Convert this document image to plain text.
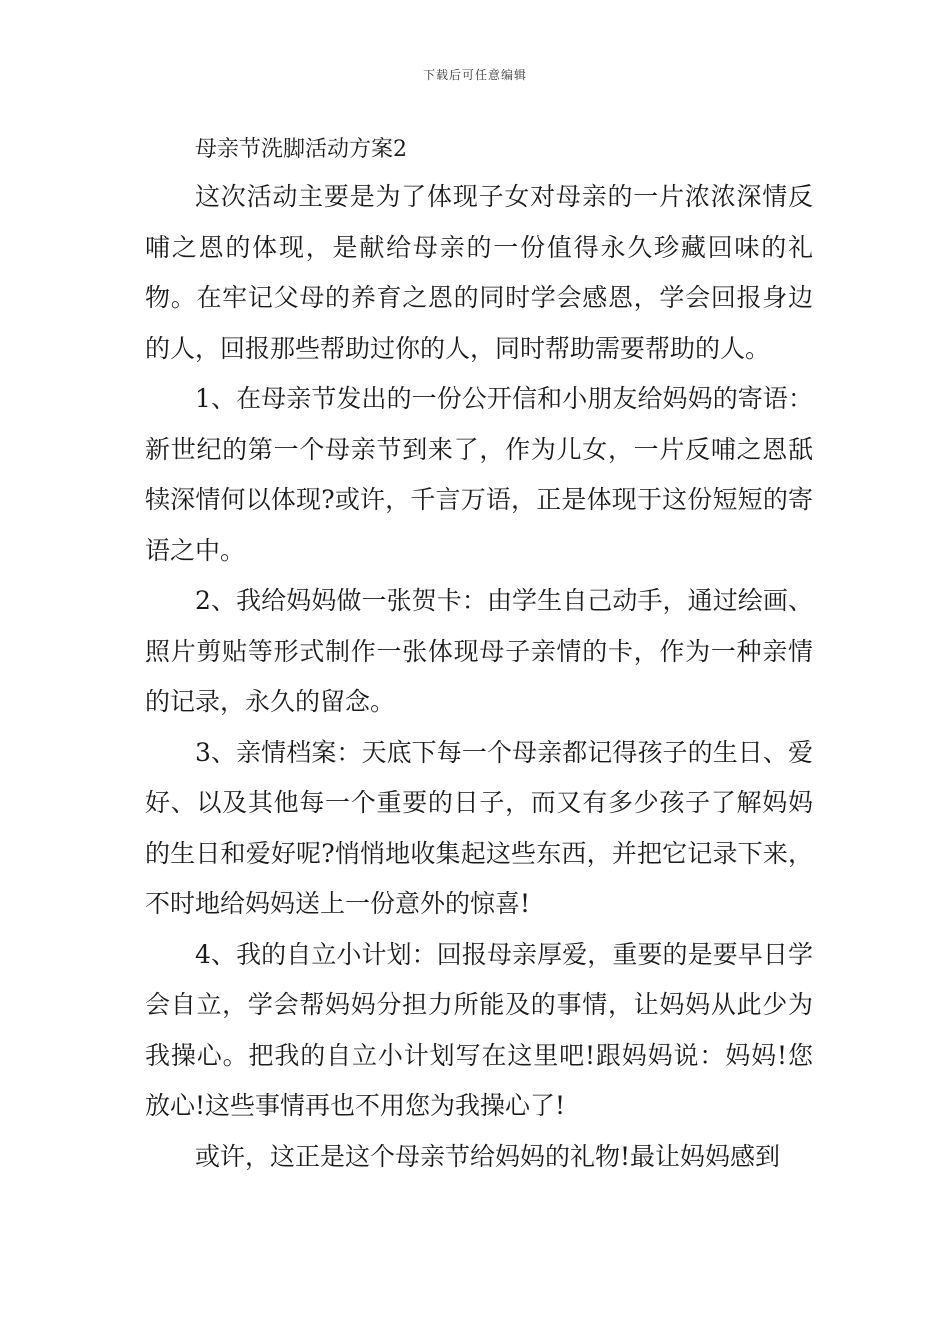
下载后可任意编辑
母亲节洗脚活动方案2

这次活动主要是为了体现子女对母亲的一片浓浓深情反哺之恩的体现，是献给母亲的一份值得永久珍藏回味的礼物。在牢记父母的养育之恩的同时学会感恩，学会回报身边的人，回报那些帮助过你的人，同时帮助需要帮助的人。

1、在母亲节发出的一份公开信和小朋友给妈妈的寄语：新世纪的第一个母亲节到来了，作为儿女，一片反哺之恩舐犊深情何以体现?或许，千言万语，正是体现于这份短短的寄语之中。

2、我给妈妈做一张贺卡：由学生自己动手，通过绘画、照片剪贴等形式制作一张体现母子亲情的卡，作为一种亲情的记录，永久的留念。

3、亲情档案：天底下每一个母亲都记得孩子的生日、爱好、以及其他每一个重要的日子，而又有多少孩子了解妈妈的生日和爱好呢?悄悄地收集起这些东西，并把它记录下来，不时地给妈妈送上一份意外的惊喜!

4、我的自立小计划：回报母亲厚爱，重要的是要早日学会自立，学会帮妈妈分担力所能及的事情，让妈妈从此少为我操心。把我的自立小计划写在这里吧!跟妈妈说：妈妈!您放心!这些事情再也不用您为我操心了!

或许，这正是这个母亲节给妈妈的礼物!最让妈妈感到
